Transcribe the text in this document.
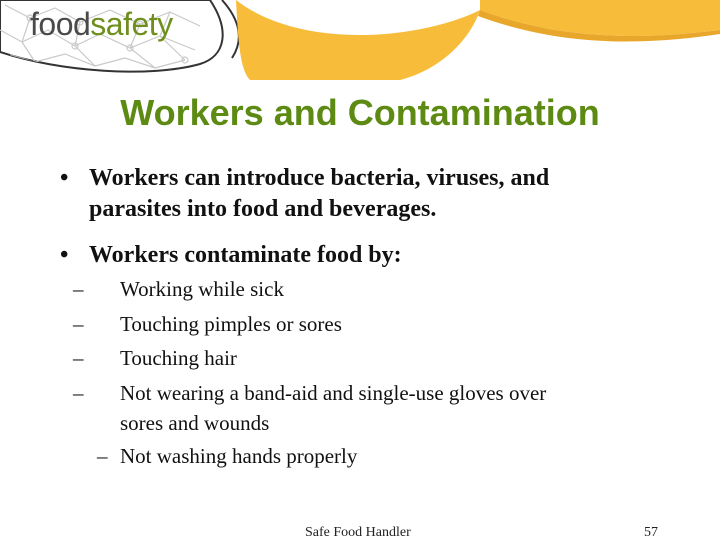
foodsafety
Workers and Contamination
• Workers can introduce bacteria, viruses, and
parasites into food and beverages.
• Workers contaminate food by:
– Working while sick
– Touching pimples or sores
– Touching hair
– Not wearing a band-aid and single-use gloves over
sores and wounds
– Not washing hands properly
Safe Food Handler	57
